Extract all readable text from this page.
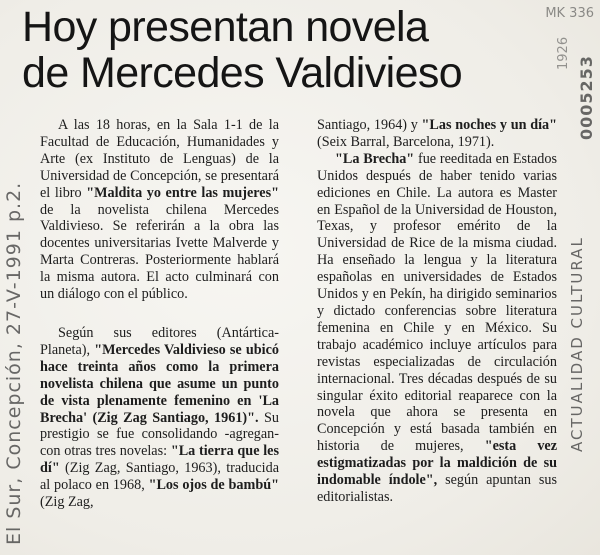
Hoy presentan novela
de Mercedes Valdivieso

A las 18 horas, en la Sala 1-1 de la Facultad de Educación, Humanidades y Arte (ex Instituto de Lenguas) de la Universidad de Concepción, se presentará el libro "Maldita yo entre las mujeres" de la novelista chilena Mercedes Valdivieso. Se referirán a la obra las docentes universitarias Ivette Malverde y Marta Contreras. Posteriormente hablará la misma autora. El acto culminará con un diálogo con el público.

Según sus editores (Antártica-Planeta), "Mercedes Valdivieso se ubicó hace treinta años como la primera novelista chilena que asume un punto de vista plenamente femenino en 'La Brecha' (Zig Zag Santiago, 1961)". Su prestigio se fue consolidando -agregan- con otras tres novelas: "La tierra que les dí" (Zig Zag, Santiago, 1963), traducida al polaco en 1968, "Los ojos de bambú" (Zig Zag,

Santiago, 1964) y "Las noches y un día" (Seix Barral, Barcelona, 1971).

"La Brecha" fue reeditada en Estados Unidos después de haber tenido varias ediciones en Chile. La autora es Master en Español de la Universidad de Houston, Texas, y profesor emérito de la Universidad de Rice de la misma ciudad. Ha enseñado la lengua y la literatura españolas en universidades de Estados Unidos y en Pekín, ha dirigido seminarios y dictado conferencias sobre literatura femenina en Chile y en México. Su trabajo académico incluye artículos para revistas especializadas de circulación internacional. Tres décadas después de su singular éxito editorial reaparece con la novela que ahora se presenta en Concepción y está basada también en historia de mujeres, "esta vez estigmatizadas por la maldición de su indomable índole", según apuntan sus editorialistas.

El Sur, Concepción, 27-V-1991 p.2.	ACTUALIDAD CULTURAL
MK 336
1926
0005253
